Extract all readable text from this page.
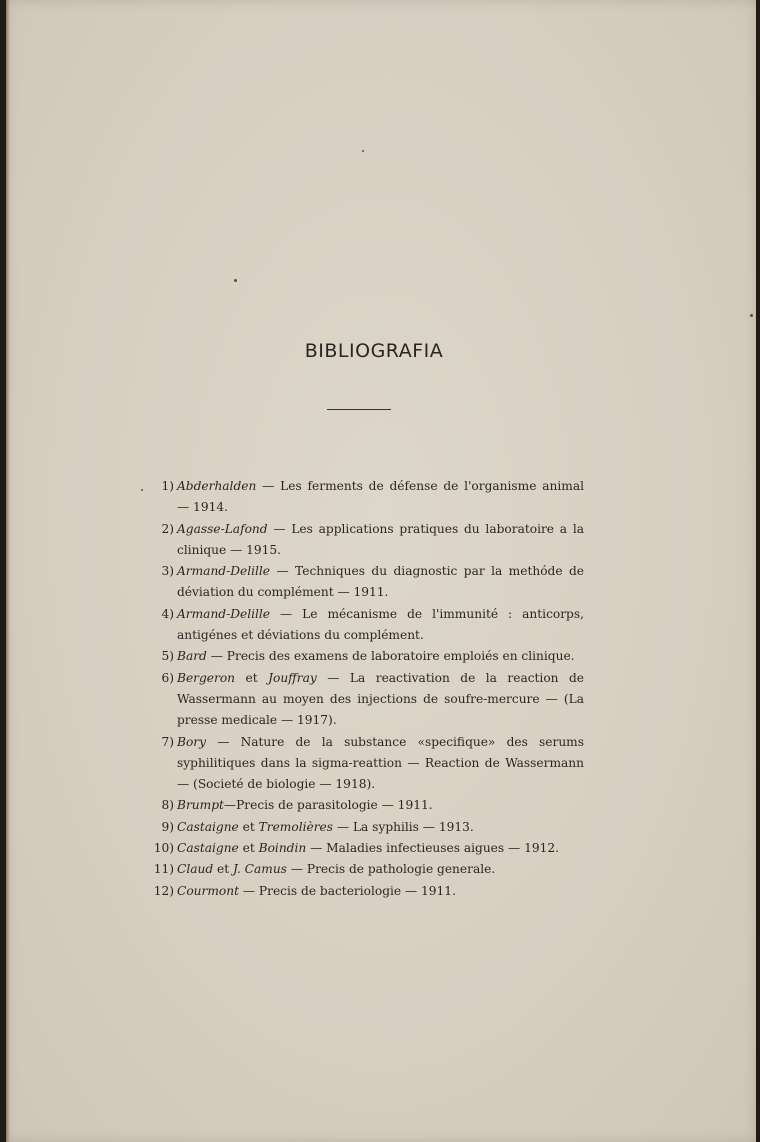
BIBLIOGRAFIA
1) Abderhalden — Les ferments de défense de l'organisme animal — 1914.
2) Agasse-Lafond — Les applications pratiques du laboratoire a la clinique — 1915.
3) Armand-Delille — Techniques du diagnostic par la methóde de déviation du complément — 1911.
4) Armand-Delille — Le mécanisme de l'immunité : anticorps, antigénes et déviations du complément.
5) Bard — Precis des examens de laboratoire emploiés en clinique.
6) Bergeron et Jouffray — La reactivation de la reaction de Wassermann au moyen des injections de soufre-mercure — (La presse medicale — 1917).
7) Bory — Nature de la substance «specifique» des serums syphilitiques dans la sigma-reattion — Reaction de Wassermann — (Societé de biologie — 1918).
8) Brumpt—Precis de parasitologie — 1911.
9) Castaigne et Tremolières — La syphilis — 1913.
10) Castaigne et Boindin — Maladies infectieuses aigues — 1912.
11) Claud et J. Camus — Precis de pathologie generale.
12) Courmont — Precis de bacteriologie — 1911.
